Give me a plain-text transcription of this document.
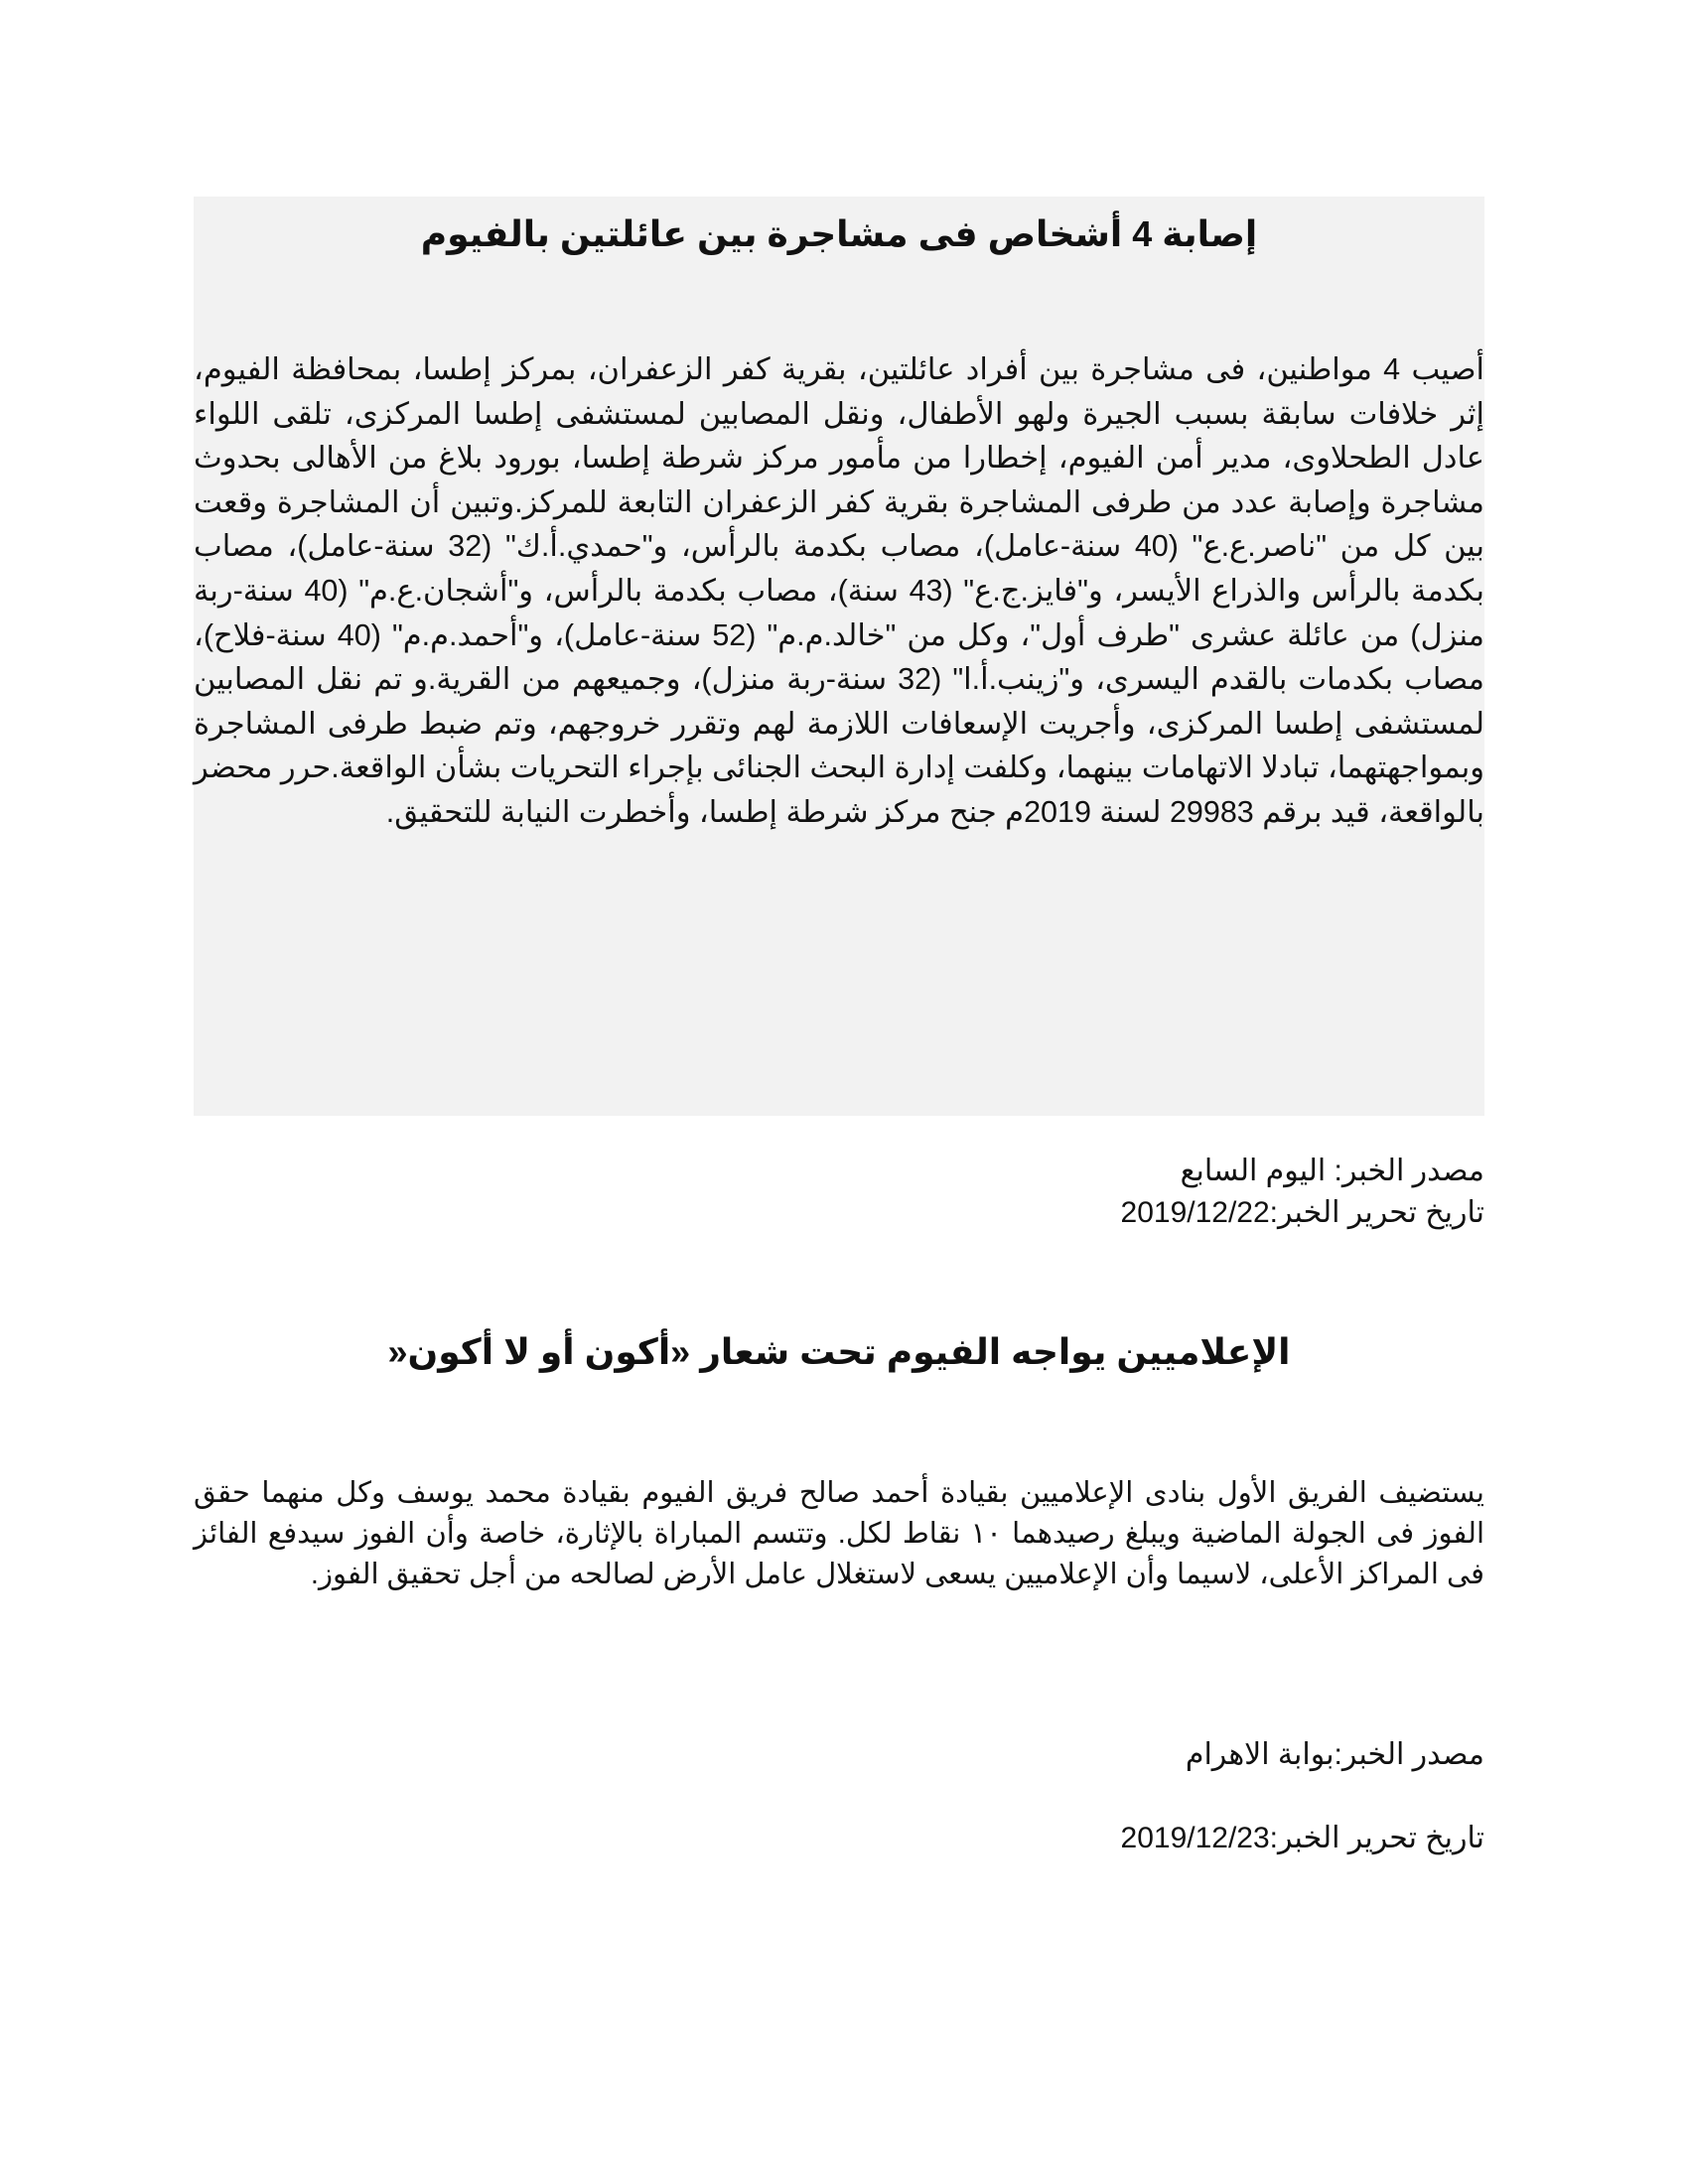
إصابة 4 أشخاص فى مشاجرة بين عائلتين بالفيوم

أصيب 4 مواطنين، فى مشاجرة بين أفراد عائلتين، بقرية كفر الزعفران، بمركز إطسا، بمحافظة الفيوم، إثر خلافات سابقة بسبب الجيرة ولهو الأطفال، ونقل المصابين لمستشفى إطسا المركزى، تلقى اللواء عادل الطحلاوى، مدير أمن الفيوم، إخطارا من مأمور مركز شرطة إطسا، بورود بلاغ من الأهالى بحدوث مشاجرة وإصابة عدد من طرفى المشاجرة بقرية كفر الزعفران التابعة للمركز.وتبين أن المشاجرة وقعت بين كل من "ناصر.ع.ع" (40 سنة-عامل)، مصاب بكدمة بالرأس، و"حمدي.أ.ك" (32 سنة-عامل)، مصاب بكدمة بالرأس والذراع الأيسر، و"فايز.ج.ع" (43 سنة)، مصاب بكدمة بالرأس، و"أشجان.ع.م" (40 سنة-ربة منزل) من عائلة عشرى "طرف أول"، وكل من "خالد.م.م" (52 سنة-عامل)، و"أحمد.م.م" (40 سنة-فلاح)، مصاب بكدمات بالقدم اليسرى، و"زينب.أ.ا" (32 سنة-ربة منزل)، وجميعهم من القرية.و تم نقل المصابين لمستشفى إطسا المركزى، وأجريت الإسعافات اللازمة لهم وتقرر خروجهم، وتم ضبط طرفى المشاجرة وبمواجهتهما، تبادلا الاتهامات بينهما، وكلفت إدارة البحث الجنائى بإجراء التحريات بشأن الواقعة.حرر محضر بالواقعة، قيد برقم 29983 لسنة 2019م جنح مركز شرطة إطسا، وأخطرت النيابة للتحقيق.

مصدر الخبر: اليوم السابع

تاريخ تحرير الخبر:2019/12/22

الإعلاميين يواجه الفيوم تحت شعار «أكون أو لا أكون«

يستضيف الفريق الأول بنادى الإعلاميين بقيادة أحمد صالح فريق الفيوم بقيادة محمد يوسف وكل منهما حقق الفوز فى الجولة الماضية ويبلغ رصيدهما ١٠ نقاط لكل. وتتسم المباراة بالإثارة، خاصة وأن الفوز سيدفع الفائز فى المراكز الأعلى، لاسيما وأن الإعلاميين يسعى لاستغلال عامل الأرض لصالحه من أجل تحقيق الفوز.

مصدر الخبر:بوابة الاهرام

تاريخ تحرير الخبر:2019/12/23
